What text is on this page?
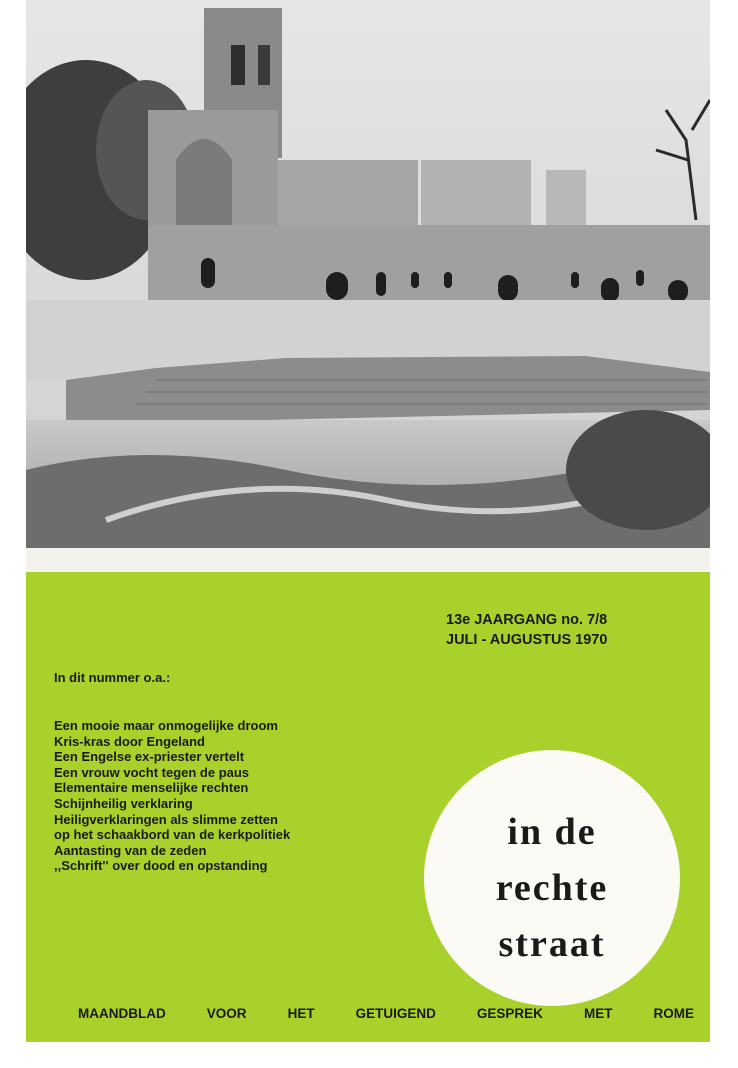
13e JAARGANG no. 7/8
JULI - AUGUSTUS 1970
In dit nummer o.a.:
Een mooie maar onmogelijke droom
Kris-kras door Engeland
Een Engelse ex-priester vertelt
Een vrouw vocht tegen de paus
Elementaire menselijke rechten
Schijnheilig verklaring
Heiligverklaringen als slimme zetten
op het schaakbord van de kerkpolitiek
Aantasting van de zeden
,,Schrift'' over dood en opstanding
in de
rechte
straat
MAANDBLAD	VOOR	HET	GETUIGEND	GESPREK	MET	ROME
